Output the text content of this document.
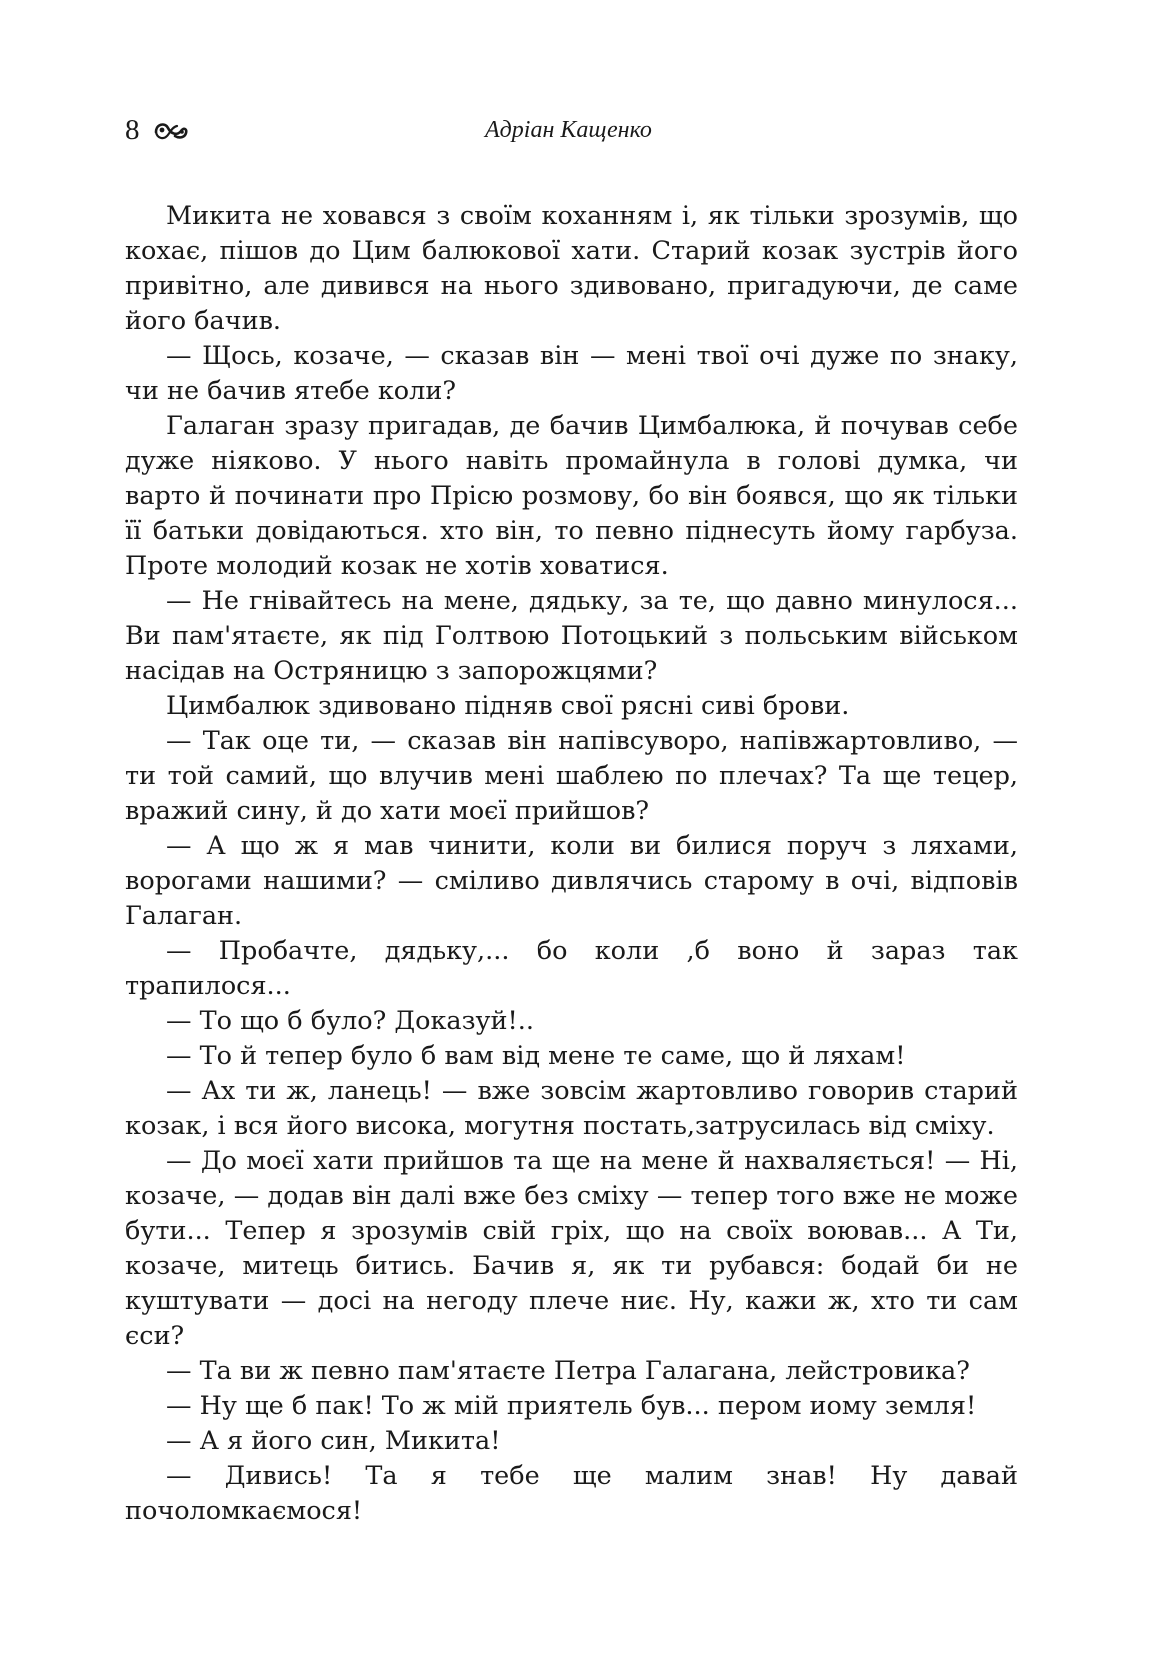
8	Адріан Кащенко

Микита не ховався з своїм коханням і, як тільки зрозумів, що кохає, пішов до Цим балюкової хати. Старий козак зустрів його привітно, але дивився на нього здивовано, пригадуючи, де саме його бачив.

— Щось, козаче, — сказав він — мені твої очі дуже по знаку, чи не бачив ятебе коли?

Галаган зразу пригадав, де бачив Цимбалюка, й почував себе дуже ніяково. У нього навіть промайнула в голові думка, чи варто й починати про Прісю розмову, бо він боявся, що як тільки її батьки довідаються. хто він, то певно піднесуть йому гарбуза. Проте молодий козак не хотів ховатися.

— Не гнівайтесь на мене, дядьку, за те, що давно минулося... Ви пам'ятаєте, як під Голтвою Потоцький з польським військом насідав на Остряницю з запорожцями?

Цимбалюк здивовано підняв свої рясні сиві брови.

— Так оце ти, — сказав він напівсуворо, напівжартовливо, — ти той самий, що влучив мені шаблею по плечах? Та ще тецер, вражий сину, й до хати моєї прийшов?

— А що ж я мав чинити, коли ви билися поруч з ляхами, ворогами нашими? — сміливо дивлячись старому в очі, відповів Галаган.

— Пробачте, дядьку,... бо коли ,б воно й зараз так трапилося...

— То що б було? Доказуй!..

— То й тепер було б вам від мене те саме, що й ляхам!

— Ах ти ж, ланець! — вже зовсім жартовливо говорив старий козак, і вся його висока, могутня постать,затрусилась від сміху.

— До моєї хати прийшов та ще на мене й нахваляється! — Ні, козаче, — додав він далі вже без сміху — тепер того вже не може бути... Тепер я зрозумів свій гріх, що на своїх воював... А Ти, козаче, митець битись. Бачив я, як ти рубався: бодай би не куштувати — досі на негоду плече ниє. Ну, кажи ж, хто ти сам єси?

— Та ви ж певно пам'ятаєте Петра Галагана, лейстровика?

— Ну ще б пак! То ж мій приятель був... пером иому земля!

— А я його син, Микита!

— Дивись! Та я тебе ще малим знав! Ну давай почоломкаємося!
